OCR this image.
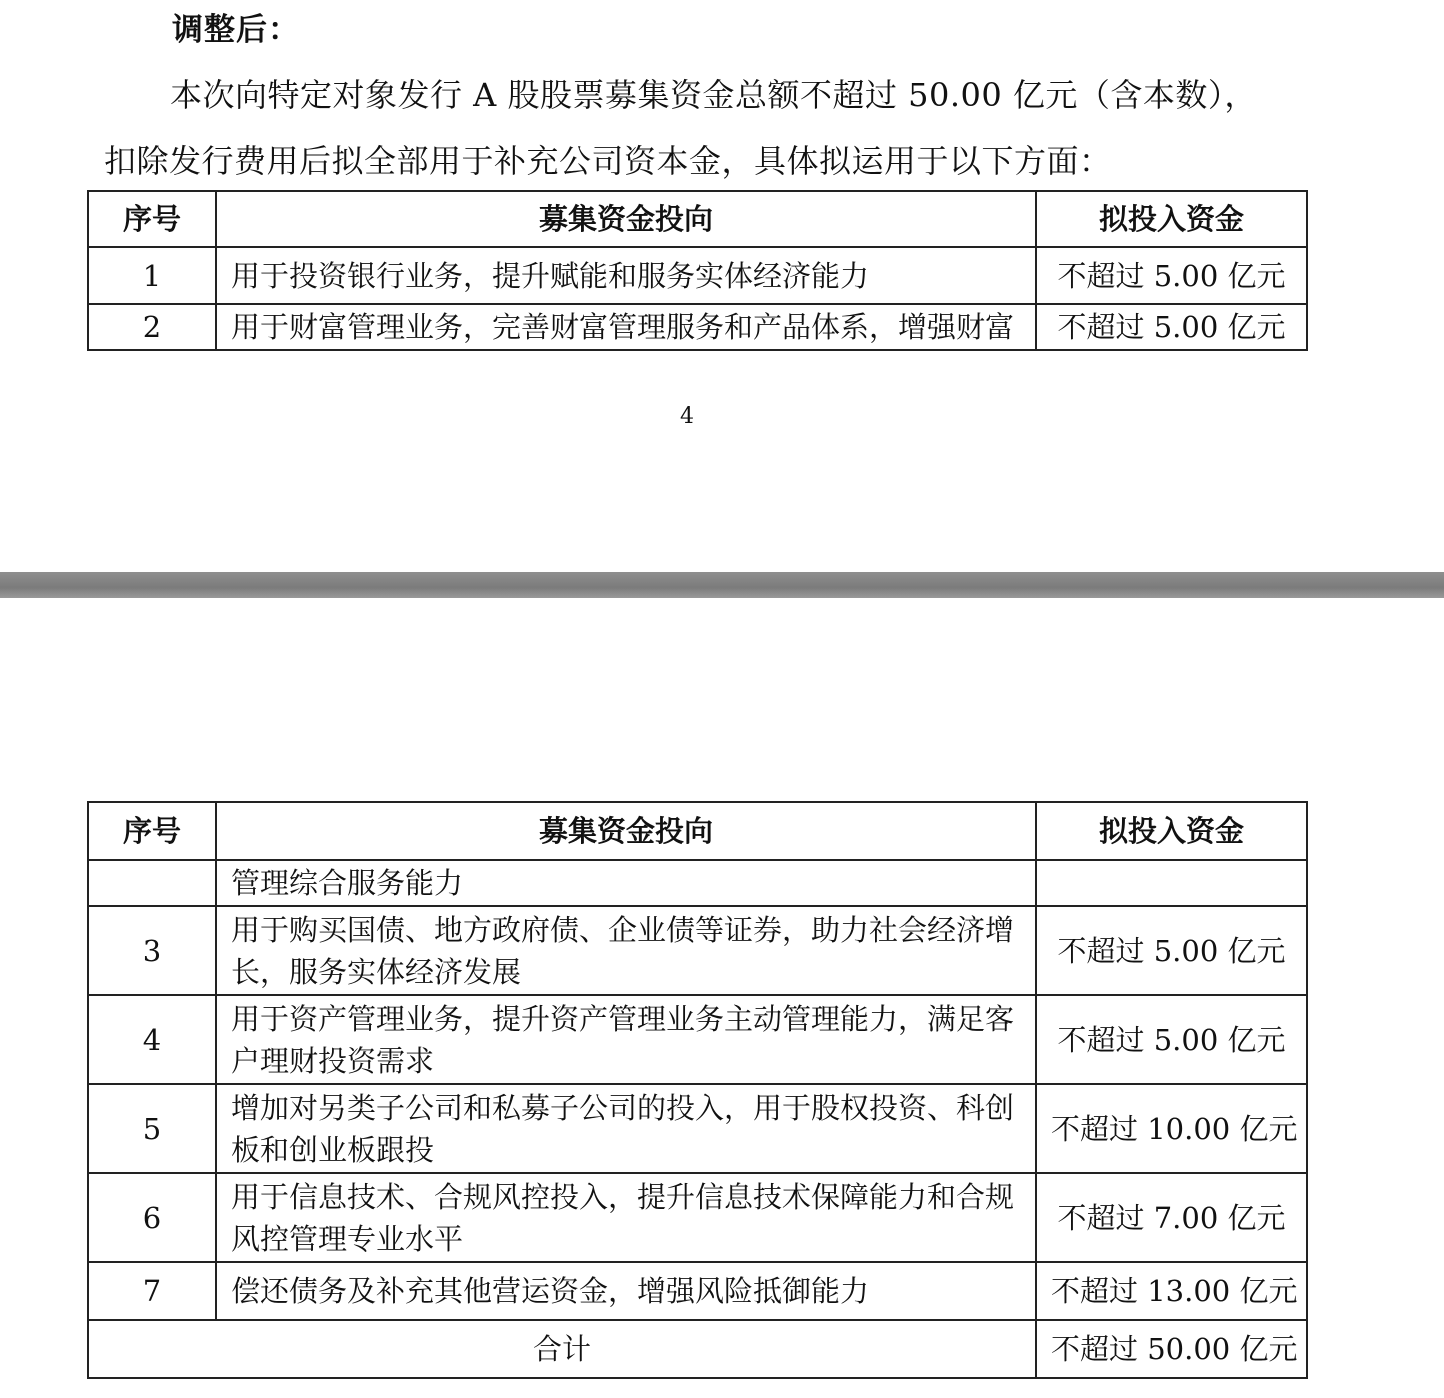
调整后：
本次向特定对象发行 A 股股票募集资金总额不超过 50.00 亿元（含本数），
扣除发行费用后拟全部用于补充公司资本金，具体拟运用于以下方面：
序号	募集资金投向	拟投入资金
1	用于投资银行业务，提升赋能和服务实体经济能力	不超过 5.00 亿元
2	用于财富管理业务，完善财富管理服务和产品体系，增强财富	不超过 5.00 亿元
4
序号	募集资金投向	拟投入资金
	管理综合服务能力	
3	用于购买国债、地方政府债、企业债等证券，助力社会经济增长，服务实体经济发展	不超过 5.00 亿元
4	用于资产管理业务，提升资产管理业务主动管理能力，满足客户理财投资需求	不超过 5.00 亿元
5	增加对另类子公司和私募子公司的投入，用于股权投资、科创板和创业板跟投	不超过 10.00 亿元
6	用于信息技术、合规风控投入，提升信息技术保障能力和合规风控管理专业水平	不超过 7.00 亿元
7	偿还债务及补充其他营运资金，增强风险抵御能力	不超过 13.00 亿元
合计		不超过 50.00 亿元
